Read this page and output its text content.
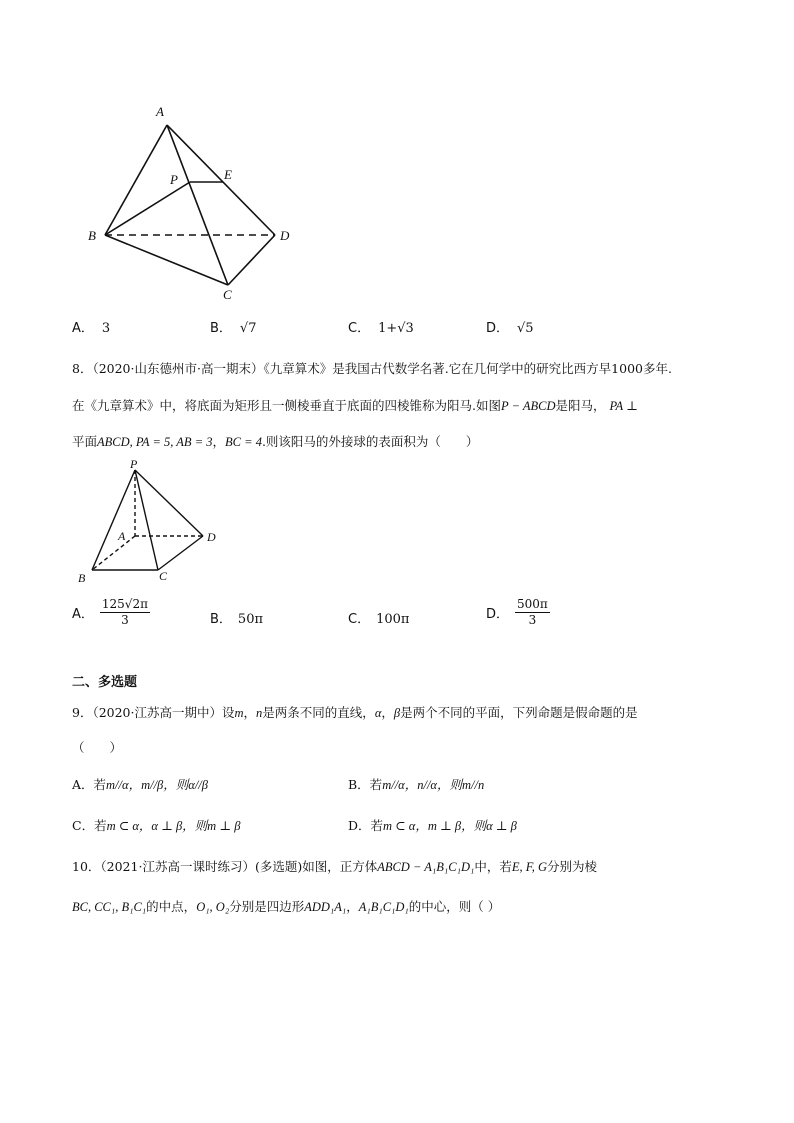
A
E
P
B	D
C
A． 3	B． √7	C． 1+√3	D． √5
8．（2020·山东德州市·高一期末）《九章算术》是我国古代数学名著.它在几何学中的研究比西方早1000多年.
在《九章算术》中，将底面为矩形且一侧棱垂直于底面的四棱锥称为阳马.如图P − ABCD是阳马， PA ⊥
平面ABCD, PA = 5, AB = 3，BC = 4.则该阳马的外接球的表面积为（　　）
P
A	D
B	C
A． $\frac{125√2\pi}{3}$	B． 50π	C． 100π	D． $\frac{500\pi}{3}$
二、多选题
9．（2020·江苏高一期中）设m，n是两条不同的直线，α，β是两个不同的平面，下列命题是假命题的是
（　　）
A．若m//α，m//β，则α//β	B．若m//α，n//α，则m//n
C．若m ⊂ α，α ⊥ β，则m ⊥ β	D．若m ⊂ α，m ⊥ β，则α ⊥ β
10．（2021·江苏高一课时练习）(多选题)如图，正方体ABCD − A₁B₁C₁D₁中，若E, F, G分别为棱
BC, CC₁, B₁C₁的中点，O₁, O₂分别是四边形ADD₁A₁，A₁B₁C₁D₁的中心，则（ ）
